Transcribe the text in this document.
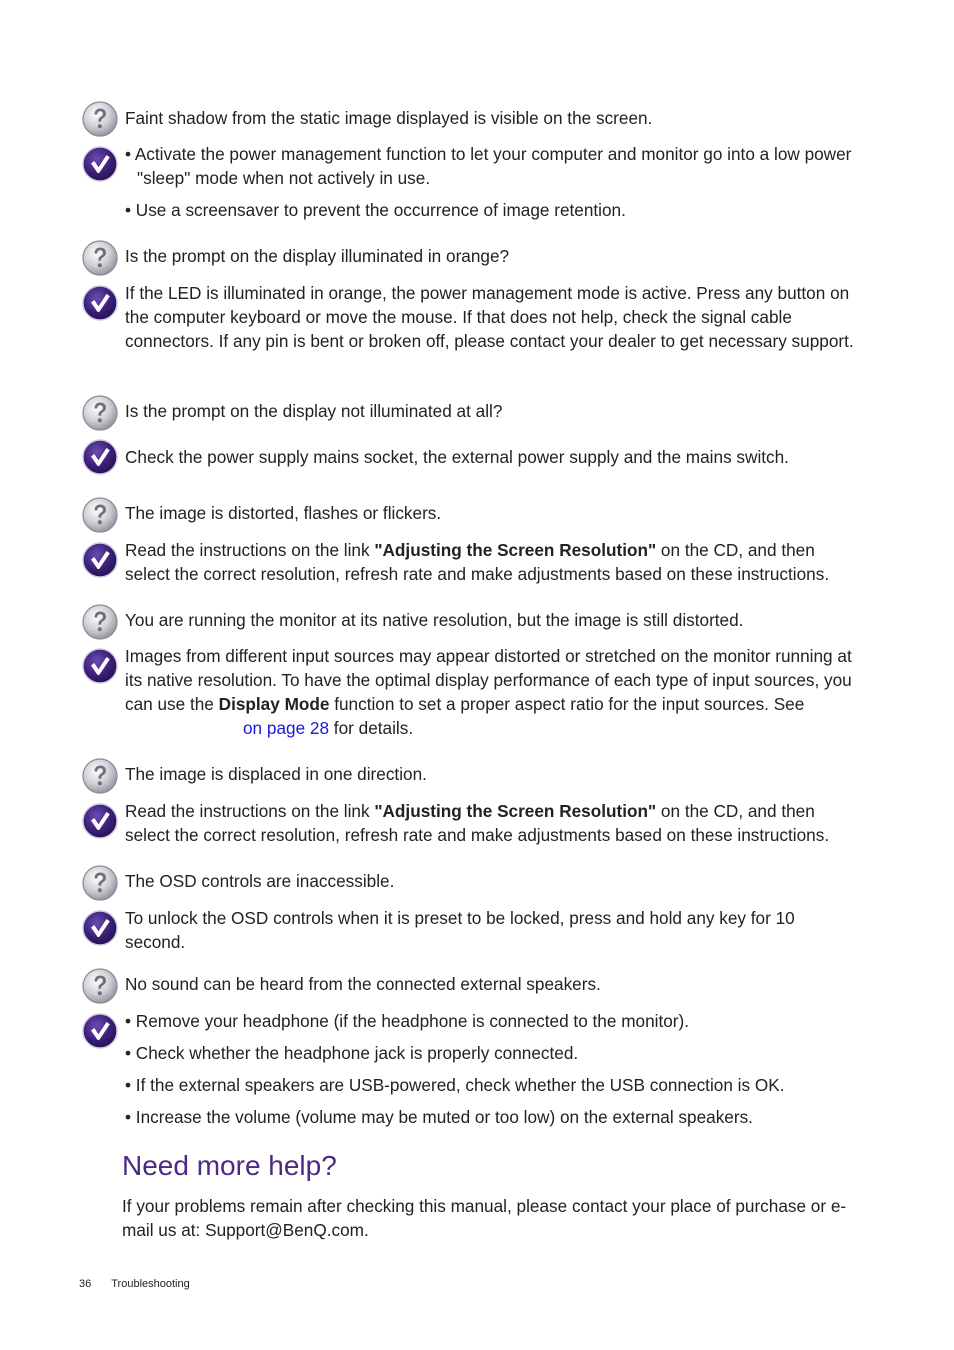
Faint shadow from the static image displayed is visible on the screen.

• Activate the power management function to let your computer and monitor go into a low power "sleep" mode when not actively in use.

• Use a screensaver to prevent the occurrence of image retention.

Is the prompt on the display illuminated in orange?
If the LED is illuminated in orange, the power management mode is active. Press any button on the computer keyboard or move the mouse. If that does not help, check the signal cable connectors. If any pin is bent or broken off, please contact your dealer to get necessary support.
Is the prompt on the display not illuminated at all?
Check the power supply mains socket, the external power supply and the mains switch.
The image is distorted, flashes or flickers.
Read the instructions on the link "Adjusting the Screen Resolution" on the CD, and then select the correct resolution, refresh rate and make adjustments based on these instructions.
You are running the monitor at its native resolution, but the image is still distorted.
Images from different input sources may appear distorted or stretched on the monitor running at its native resolution. To have the optimal display performance of each type of input sources, you can use the Display Mode function to set a proper aspect ratio for the input sources. See
on page 28 for details.
The image is displaced in one direction.
Read the instructions on the link "Adjusting the Screen Resolution" on the CD, and then select the correct resolution, refresh rate and make adjustments based on these instructions.
The OSD controls are inaccessible.
To unlock the OSD controls when it is preset to be locked, press and hold any key for 10 second.
No sound can be heard from the connected external speakers.

• Remove your headphone (if the headphone is connected to the monitor).

• Check whether the headphone jack is properly connected.

• If the external speakers are USB-powered, check whether the USB connection is OK.

• Increase the volume (volume may be muted or too low) on the external speakers.

Need more help?
If your problems remain after checking this manual, please contact your place of purchase or e-mail us at: Support@BenQ.com.
36 Troubleshooting
